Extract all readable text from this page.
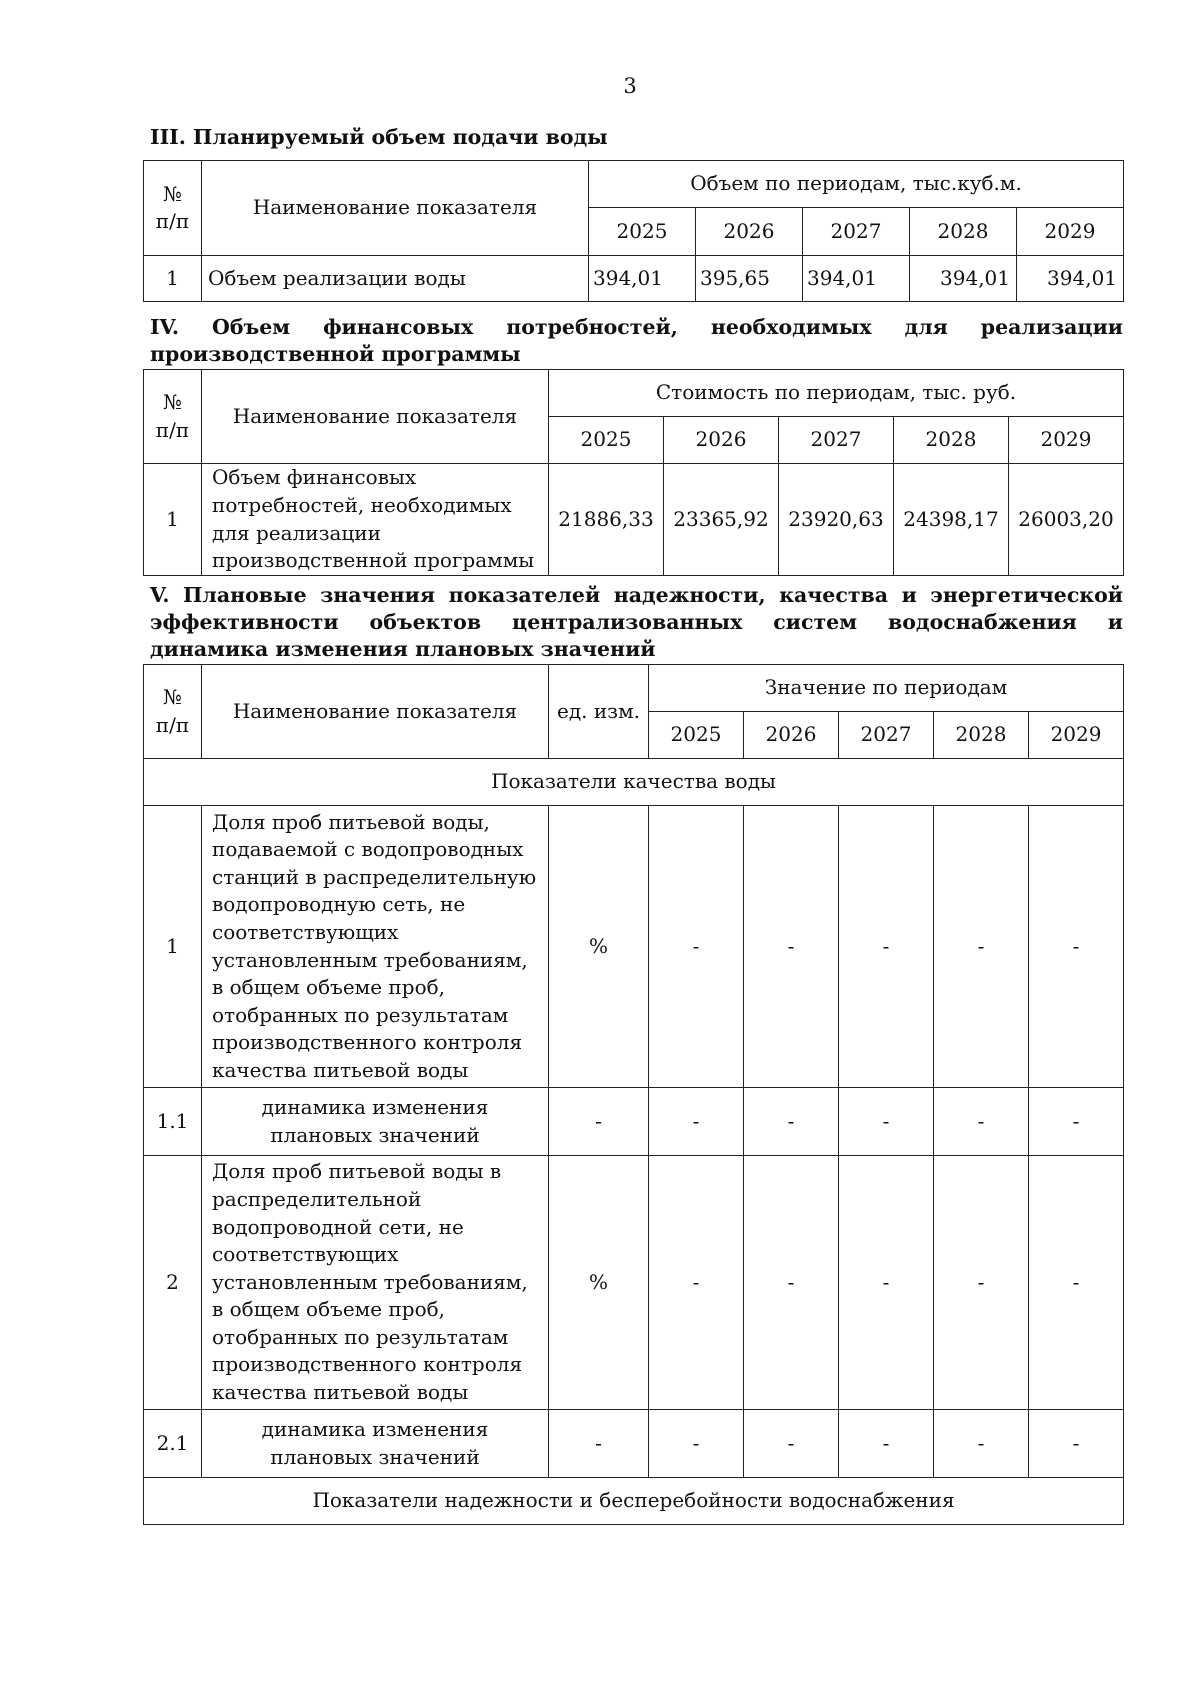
3
III. Планируемый объем подачи воды
№ п/п	Наименование показателя	Объем по периодам, тыс.куб.м.				
		2025	2026	2027	2028	2029
1	Объем реализации воды	394,01	395,65	394,01	394,01	394,01
IV. Объем финансовых потребностей, необходимых для реализации производственной программы
№ п/п	Наименование показателя	Стоимость по периодам, тыс. руб.				
		2025	2026	2027	2028	2029
1	Объем финансовых потребностей, необходимых для реализации производственной программы	21886,33	23365,92	23920,63	24398,17	26003,20
V. Плановые значения показателей надежности, качества и энергетической эффективности объектов централизованных систем водоснабжения и динамика изменения плановых значений
№ п/п	Наименование показателя	ед. изм.	Значение по периодам				
			2025	2026	2027	2028	2029
Показатели качества воды							
1	Доля проб питьевой воды, подаваемой с водопроводных станций в распределительную водопроводную сеть, не соответствующих установленным требованиям, в общем объеме проб, отобранных по результатам производственного контроля качества питьевой воды	%	-	-	-	-	-
1.1	динамика изменения плановых значений	-	-	-	-	-	-
2	Доля проб питьевой воды в распределительной водопроводной сети, не соответствующих установленным требованиям, в общем объеме проб, отобранных по результатам производственного контроля качества питьевой воды	%	-	-	-	-	-
2.1	динамика изменения плановых значений	-	-	-	-	-	-
Показатели надежности и бесперебойности водоснабжения							
